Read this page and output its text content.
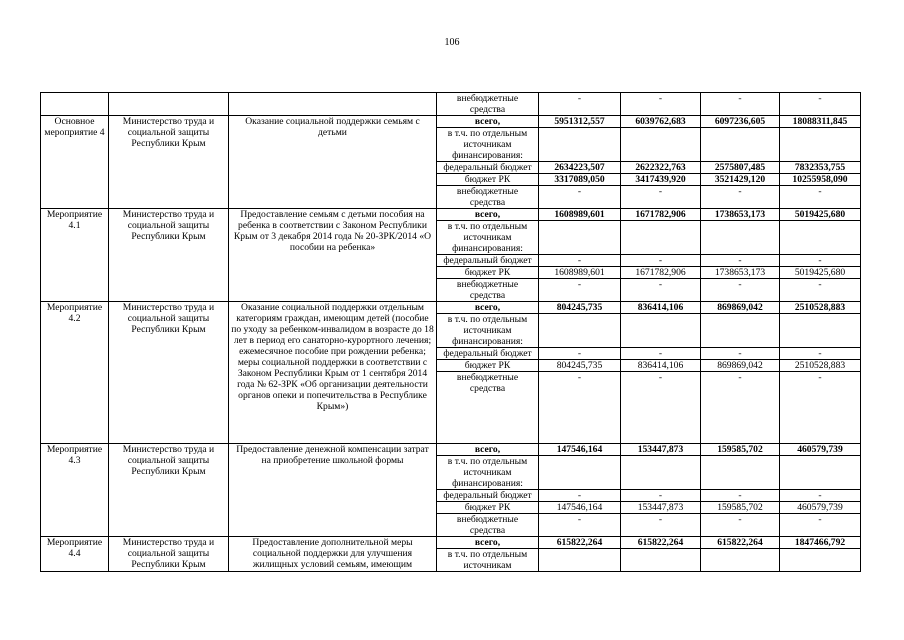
106
			внебюджетные средства	-	-	-	-
Основное мероприятие 4	Министерство труда и социальной защиты Республики Крым	Оказание социальной поддержки семьям с детьми	всего,	5951312,557	6039762,683	6097236,605	18088311,845
			в т.ч. по отдельным источникам финансирования:				
			федеральный бюджет	2634223,507	2622322,763	2575807,485	7832353,755
			бюджет РК	3317089,050	3417439,920	3521429,120	10255958,090
			внебюджетные средства	-	-	-	-
Мероприятие 4.1	Министерство труда и социальной защиты Республики Крым	Предоставление семьям с детьми пособия на ребенка в соответствии с Законом Республики Крым от 3 декабря 2014 года № 20-ЗРК/2014 «О пособии на ребенка»	всего,	1608989,601	1671782,906	1738653,173	5019425,680
			в т.ч. по отдельным источникам финансирования:				
			федеральный бюджет	-	-	-	-
			бюджет РК	1608989,601	1671782,906	1738653,173	5019425,680
			внебюджетные средства	-	-	-	-
Мероприятие 4.2	Министерство труда и социальной защиты Республики Крым	Оказание социальной поддержки отдельным категориям граждан, имеющим детей (пособие по уходу за ребенком-инвалидом в возрасте до 18 лет в период его санаторно-курортного лечения; ежемесячное пособие при рождении ребенка; меры социальной поддержки в соответствии с Законом Республики Крым от 1 сентября 2014 года № 62-ЗРК «Об организации деятельности органов опеки и попечительства в Республике Крым»)	всего,	804245,735	836414,106	869869,042	2510528,883
			в т.ч. по отдельным источникам финансирования:				
			федеральный бюджет	-	-	-	-
			бюджет РК	804245,735	836414,106	869869,042	2510528,883
			внебюджетные средства	-	-	-	-
Мероприятие 4.3	Министерство труда и социальной защиты Республики Крым	Предоставление денежной компенсации затрат на приобретение школьной формы	всего,	147546,164	153447,873	159585,702	460579,739
			в т.ч. по отдельным источникам финансирования:				
			федеральный бюджет	-	-	-	-
			бюджет РК	147546,164	153447,873	159585,702	460579,739
			внебюджетные средства	-	-	-	-
Мероприятие 4.4	Министерство труда и социальной защиты Республики Крым	Предоставление дополнительной меры социальной поддержки для улучшения жилищных условий семьям, имеющим	всего,	615822,264	615822,264	615822,264	1847466,792
			в т.ч. по отдельным источникам				
